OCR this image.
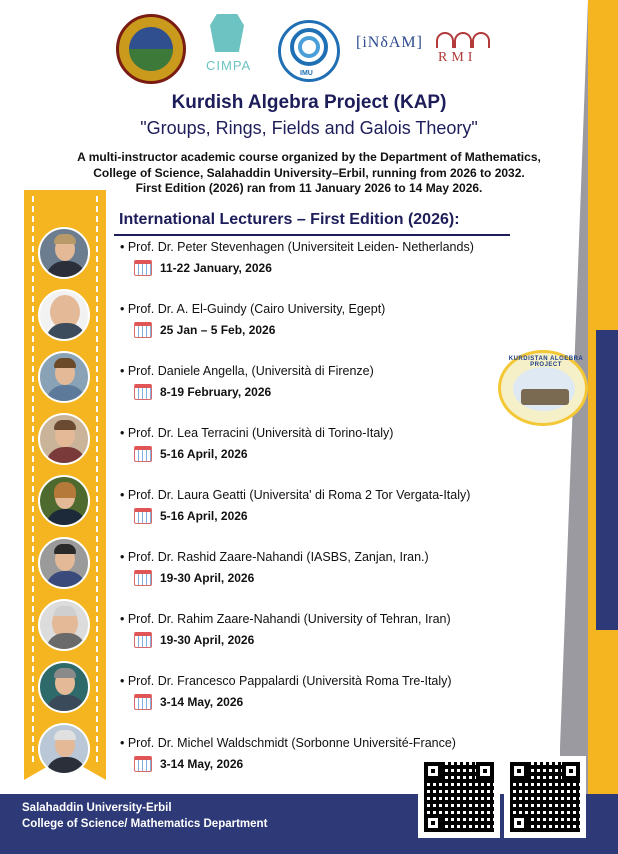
CIMPA
IMU
[iNδAM]
RMI
Kurdish Algebra Project (KAP)
"Groups, Rings, Fields and Galois Theory"
A multi-instructor academic course organized by the Department of Mathematics,
College of Science, Salahaddin University–Erbil, running from 2026 to 2032.
First Edition (2026) ran from 11 January 2026 to 14 May 2026.
International Lecturers – First Edition (2026):
• Prof. Dr. Peter Stevenhagen (Universiteit Leiden- Netherlands)
11-22 January, 2026
• Prof. Dr. A. El-Guindy (Cairo University, Egept)
25 Jan – 5 Feb, 2026
• Prof. Daniele Angella, (Università di Firenze)
8-19 February, 2026
• Prof. Dr. Lea Terracini (Università di Torino-Italy)
5-16 April, 2026
• Prof. Dr. Laura Geatti (Universita' di Roma 2 Tor Vergata-Italy)
5-16 April, 2026
• Prof. Dr. Rashid Zaare-Nahandi (IASBS, Zanjan, Iran.)
19-30 April, 2026
• Prof. Dr. Rahim Zaare-Nahandi (University of Tehran, Iran)
19-30 April, 2026
• Prof. Dr. Francesco Pappalardi (Università Roma Tre-Italy)
3-14 May, 2026
• Prof. Dr. Michel Waldschmidt (Sorbonne Université-France)
3-14 May, 2026
KURDISTAN ALGEBRA PROJECT
Salahaddin University-Erbil
College of Science/ Mathematics Department
